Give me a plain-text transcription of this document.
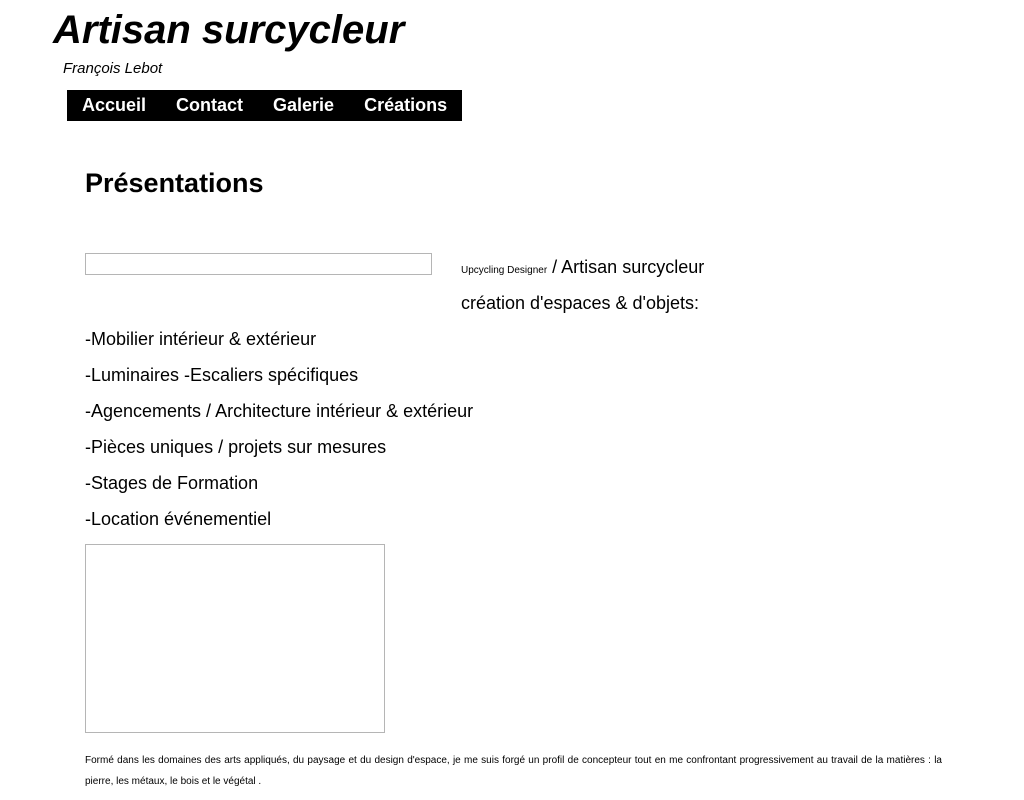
Artisan surcycleur
François Lebot
Accueil Contact Galerie Créations
Présentations
Upcycling Designer / Artisan surcycleur
création d'espaces & d'objets:
-Mobilier intérieur & extérieur
-Luminaires -Escaliers spécifiques
-Agencements / Architecture intérieur & extérieur
-Pièces uniques / projets sur mesures
-Stages de Formation
-Location événementiel

Formé dans les domaines des arts appliqués, du paysage et du design d'espace, je me suis forgé un profil de concepteur tout en me confrontant progressivement au travail de la matières : la pierre, les métaux, le bois et le végétal .
